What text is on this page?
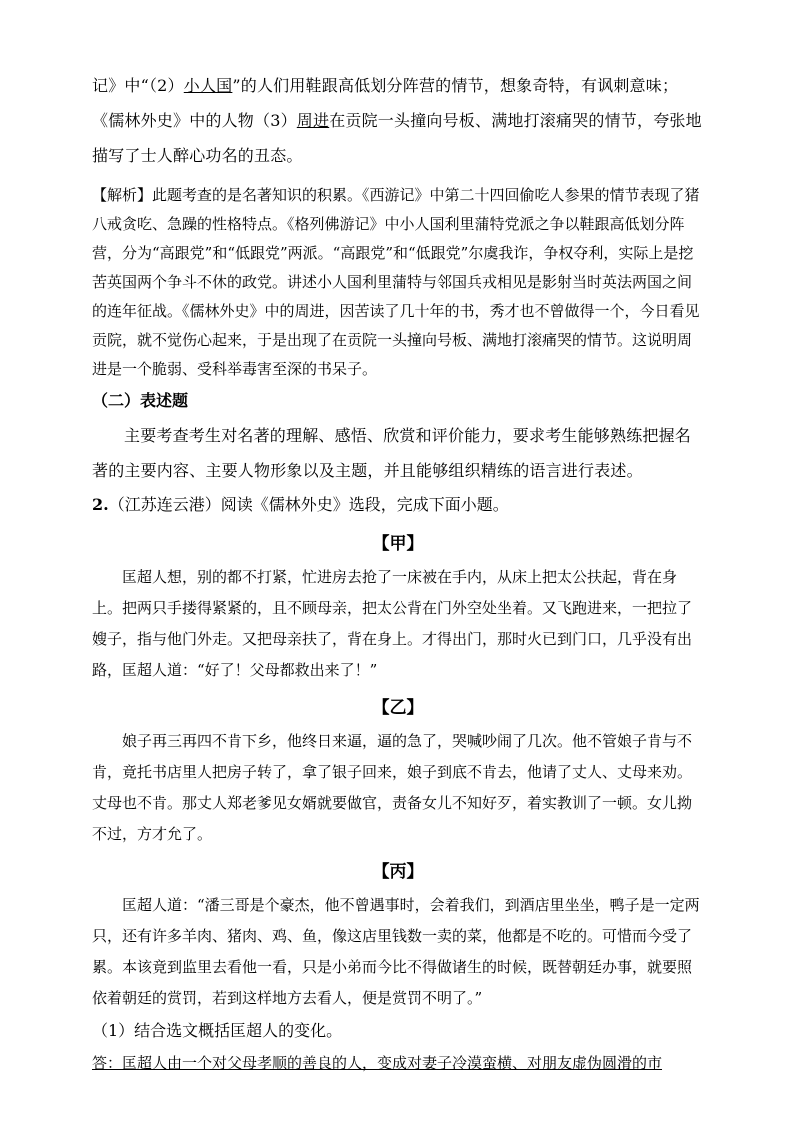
记》中“（2）小人国”的人们用鞋跟高低划分阵营的情节，想象奇特，有讽刺意味；

《儒林外史》中的人物（3）周进在贡院一头撞向号板、满地打滚痛哭的情节，夸张地描写了士人醉心功名的丑态。

【解析】此题考查的是名著知识的积累。《西游记》中第二十四回偷吃人参果的情节表现了猪八戒贪吃、急躁的性格特点。《格列佛游记》中小人国利里蒲特党派之争以鞋跟高低划分阵营，分为“高跟党”和“低跟党”两派。“高跟党”和“低跟党”尔虞我诈，争权夺利，实际上是挖苦英国两个争斗不休的政党。讲述小人国利里蒲特与邻国兵戎相见是影射当时英法两国之间的连年征战。《儒林外史》中的周进，因苦读了几十年的书，秀才也不曾做得一个，今日看见贡院，就不觉伤心起来，于是出现了在贡院一头撞向号板、满地打滚痛哭的情节。这说明周进是一个脆弱、受科举毒害至深的书呆子。

（二）表述题

主要考查考生对名著的理解、感悟、欣赏和评价能力，要求考生能够熟练把握名著的主要内容、主要人物形象以及主题，并且能够组织精练的语言进行表述。

2.（江苏连云港）阅读《儒林外史》选段，完成下面小题。

【甲】

匡超人想，别的都不打紧，忙进房去抢了一床被在手内，从床上把太公扶起，背在身上。把两只手搂得紧紧的，且不顾母亲，把太公背在门外空处坐着。又飞跑进来，一把拉了嫂子，指与他门外走。又把母亲扶了，背在身上。才得出门，那时火已到门口，几乎没有出路，匡超人道：“好了！父母都救出来了！”

【乙】

娘子再三再四不肯下乡，他终日来逼，逼的急了，哭喊吵闹了几次。他不管娘子肯与不肯，竟托书店里人把房子转了，拿了银子回来，娘子到底不肯去，他请了丈人、丈母来劝。丈母也不肯。那丈人郑老爹见女婿就要做官，责备女儿不知好歹，着实教训了一顿。女儿拗不过，方才允了。

【丙】

匡超人道：“潘三哥是个豪杰，他不曾遇事时，会着我们，到酒店里坐坐，鸭子是一定两只，还有许多羊肉、猪肉、鸡、鱼，像这店里钱数一卖的菜，他都是不吃的。可惜而今受了累。本该竟到监里去看他一看，只是小弟而今比不得做诸生的时候，既替朝廷办事，就要照依着朝廷的赏罚，若到这样地方去看人，便是赏罚不明了。”

（1）结合选文概括匡超人的变化。

答：匡超人由一个对父母孝顺的善良的人，变成对妻子冷漠蛮横、对朋友虚伪圆滑的市
